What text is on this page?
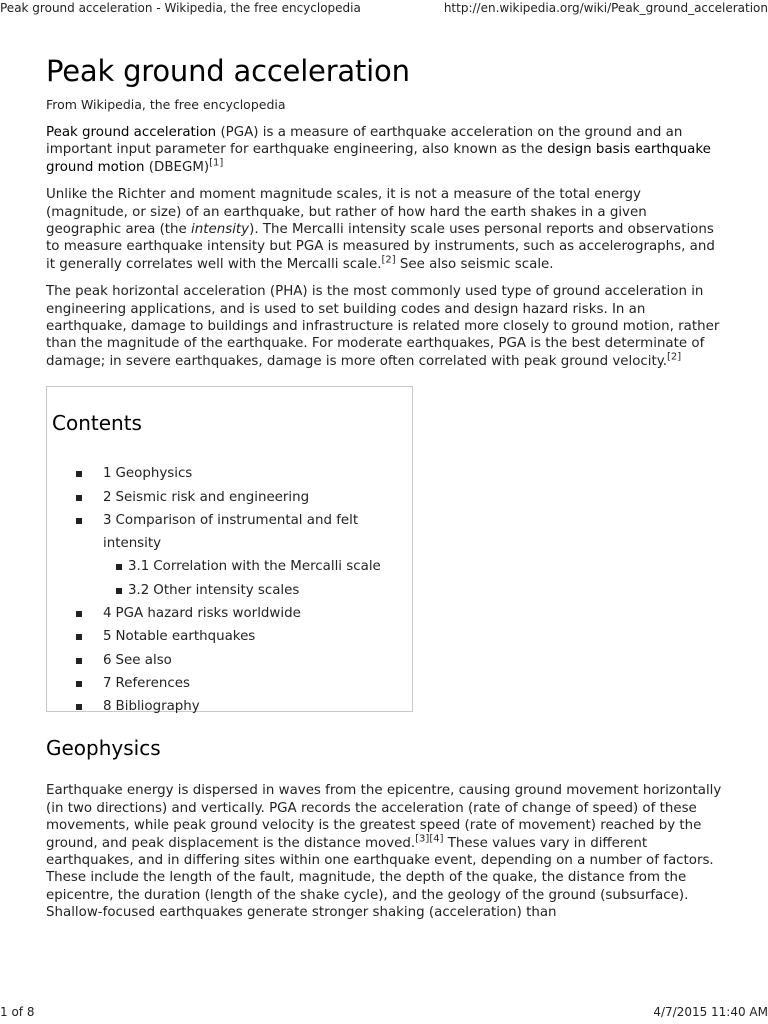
Peak ground acceleration - Wikipedia, the free encyclopedia	http://en.wikipedia.org/wiki/Peak_ground_acceleration
Peak ground acceleration
From Wikipedia, the free encyclopedia

Peak ground acceleration (PGA) is a measure of earthquake acceleration on the ground and an important input parameter for earthquake engineering, also known as the design basis earthquake ground motion (DBEGM)[1]

Unlike the Richter and moment magnitude scales, it is not a measure of the total energy (magnitude, or size) of an earthquake, but rather of how hard the earth shakes in a given geographic area (the intensity). The Mercalli intensity scale uses personal reports and observations to measure earthquake intensity but PGA is measured by instruments, such as accelerographs, and it generally correlates well with the Mercalli scale.[2] See also seismic scale.

The peak horizontal acceleration (PHA) is the most commonly used type of ground acceleration in engineering applications, and is used to set building codes and design hazard risks. In an earthquake, damage to buildings and infrastructure is related more closely to ground motion, rather than the magnitude of the earthquake. For moderate earthquakes, PGA is the best determinate of damage; in severe earthquakes, damage is more often correlated with peak ground velocity.[2]

Contents
1 Geophysics
2 Seismic risk and engineering
3 Comparison of instrumental and felt intensity
3.1 Correlation with the Mercalli scale
3.2 Other intensity scales
4 PGA hazard risks worldwide
5 Notable earthquakes
6 See also
7 References
8 Bibliography
Geophysics

Earthquake energy is dispersed in waves from the epicentre, causing ground movement horizontally (in two directions) and vertically. PGA records the acceleration (rate of change of speed) of these movements, while peak ground velocity is the greatest speed (rate of movement) reached by the ground, and peak displacement is the distance moved.[3][4] These values vary in different earthquakes, and in differing sites within one earthquake event, depending on a number of factors. These include the length of the fault, magnitude, the depth of the quake, the distance from the epicentre, the duration (length of the shake cycle), and the geology of the ground (subsurface). Shallow-focused earthquakes generate stronger shaking (acceleration) than

1 of 8	4/7/2015 11:40 AM
